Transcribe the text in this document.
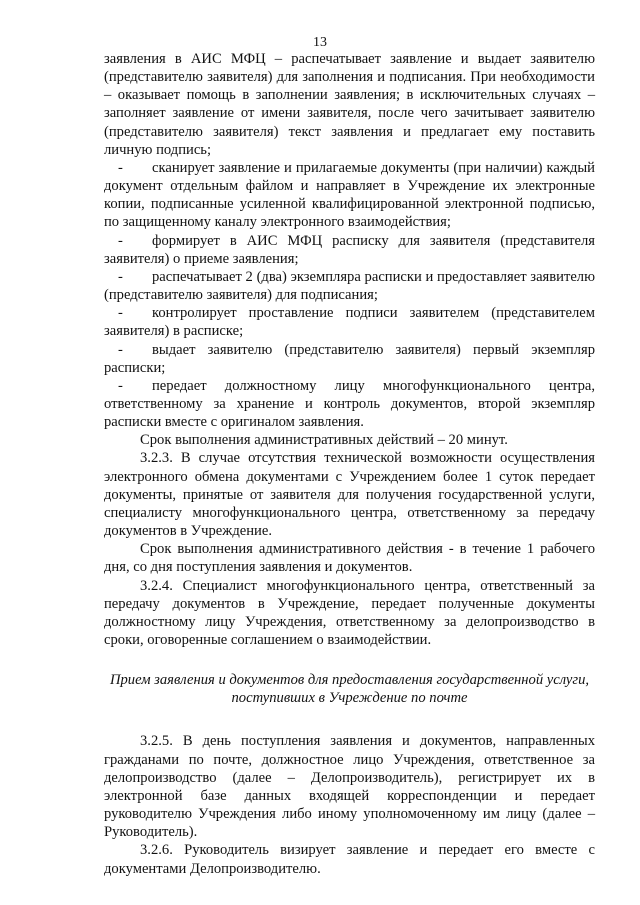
13

заявления в АИС МФЦ – распечатывает заявление и выдает заявителю (представителю заявителя) для заполнения и подписания. При необходимости – оказывает помощь в заполнении заявления; в исключительных случаях – заполняет заявление от имени заявителя, после чего зачитывает заявителю (представителю заявителя) текст заявления и предлагает ему поставить личную подпись;

- сканирует заявление и прилагаемые документы (при наличии) каждый документ отдельным файлом и направляет в Учреждение их электронные копии, подписанные усиленной квалифицированной электронной подписью, по защищенному каналу электронного взаимодействия;

- формирует в АИС МФЦ расписку для заявителя (представителя заявителя) о приеме заявления;

- распечатывает 2 (два) экземпляра расписки и предоставляет заявителю (представителю заявителя) для подписания;

- контролирует проставление подписи заявителем (представителем заявителя) в расписке;

- выдает заявителю (представителю заявителя) первый экземпляр расписки;

- передает должностному лицу многофункционального центра, ответственному за хранение и контроль документов, второй экземпляр расписки вместе с оригиналом заявления.

Срок выполнения административных действий – 20 минут.

3.2.3. В случае отсутствия технической возможности осуществления электронного обмена документами с Учреждением более 1 суток передает документы, принятые от заявителя для получения государственной услуги, специалисту многофункционального центра, ответственному за передачу документов в Учреждение.

Срок выполнения административного действия - в течение 1 рабочего дня, со дня поступления заявления и документов.

3.2.4. Специалист многофункционального центра, ответственный за передачу документов в Учреждение, передает полученные документы должностному лицу Учреждения, ответственному за делопроизводство в сроки, оговоренные соглашением о взаимодействии.

Прием заявления и документов для предоставления государственной услуги,
поступивших в Учреждение по почте

3.2.5. В день поступления заявления и документов, направленных гражданами по почте, должностное лицо Учреждения, ответственное за делопроизводство (далее – Делопроизводитель), регистрирует их в электронной базе данных входящей корреспонденции и передает руководителю Учреждения либо иному уполномоченному им лицу (далее – Руководитель).

3.2.6. Руководитель визирует заявление и передает его вместе с документами Делопроизводителю.
